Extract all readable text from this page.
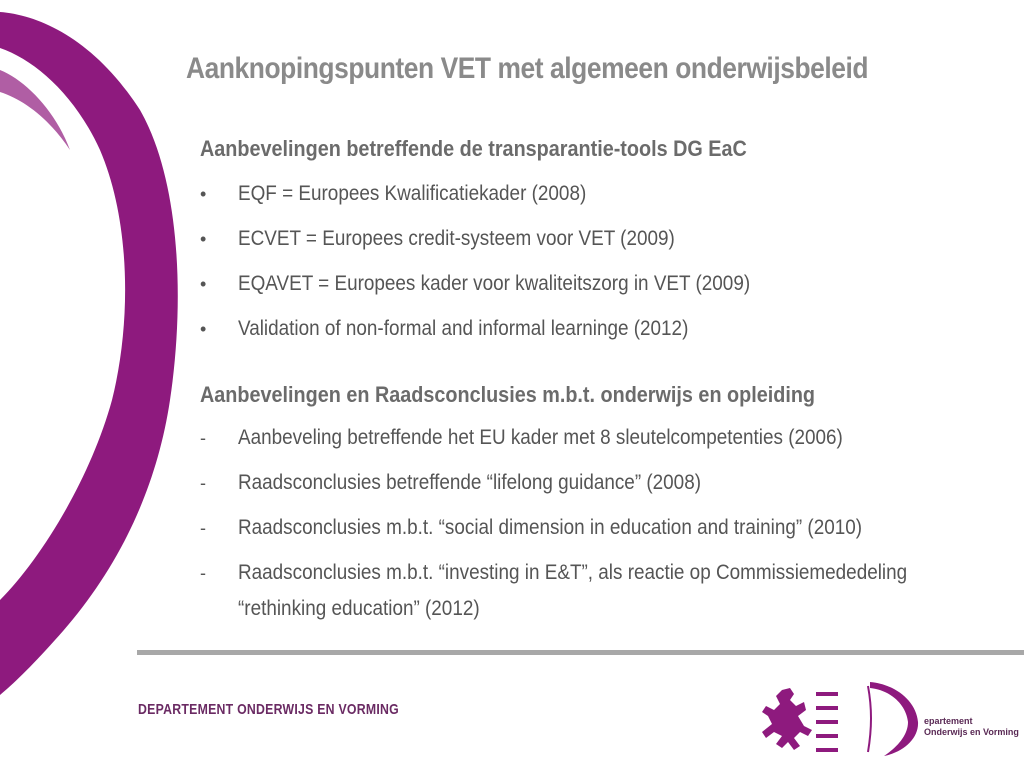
Aanknopingspunten VET met algemeen onderwijsbeleid
Aanbevelingen betreffende de transparantie-tools DG EaC
• EQF = Europees Kwalificatiekader (2008)
• ECVET = Europees credit-systeem voor VET (2009)
• EQAVET = Europees kader voor kwaliteitszorg in VET (2009)
• Validation of non-formal and informal learninge (2012)
Aanbevelingen en Raadsconclusies m.b.t. onderwijs en opleiding
- Aanbeveling betreffende het EU kader met 8 sleutelcompetenties (2006)
- Raadsconclusies betreffende “lifelong guidance” (2008)
- Raadsconclusies m.b.t. “social dimension in education and training” (2010)
- Raadsconclusies m.b.t. “investing in E&T”, als reactie op Commissiemededeling “rethinking education” (2012)
DEPARTEMENT ONDERWIJS EN VORMING
epartement
Onderwijs en Vorming
